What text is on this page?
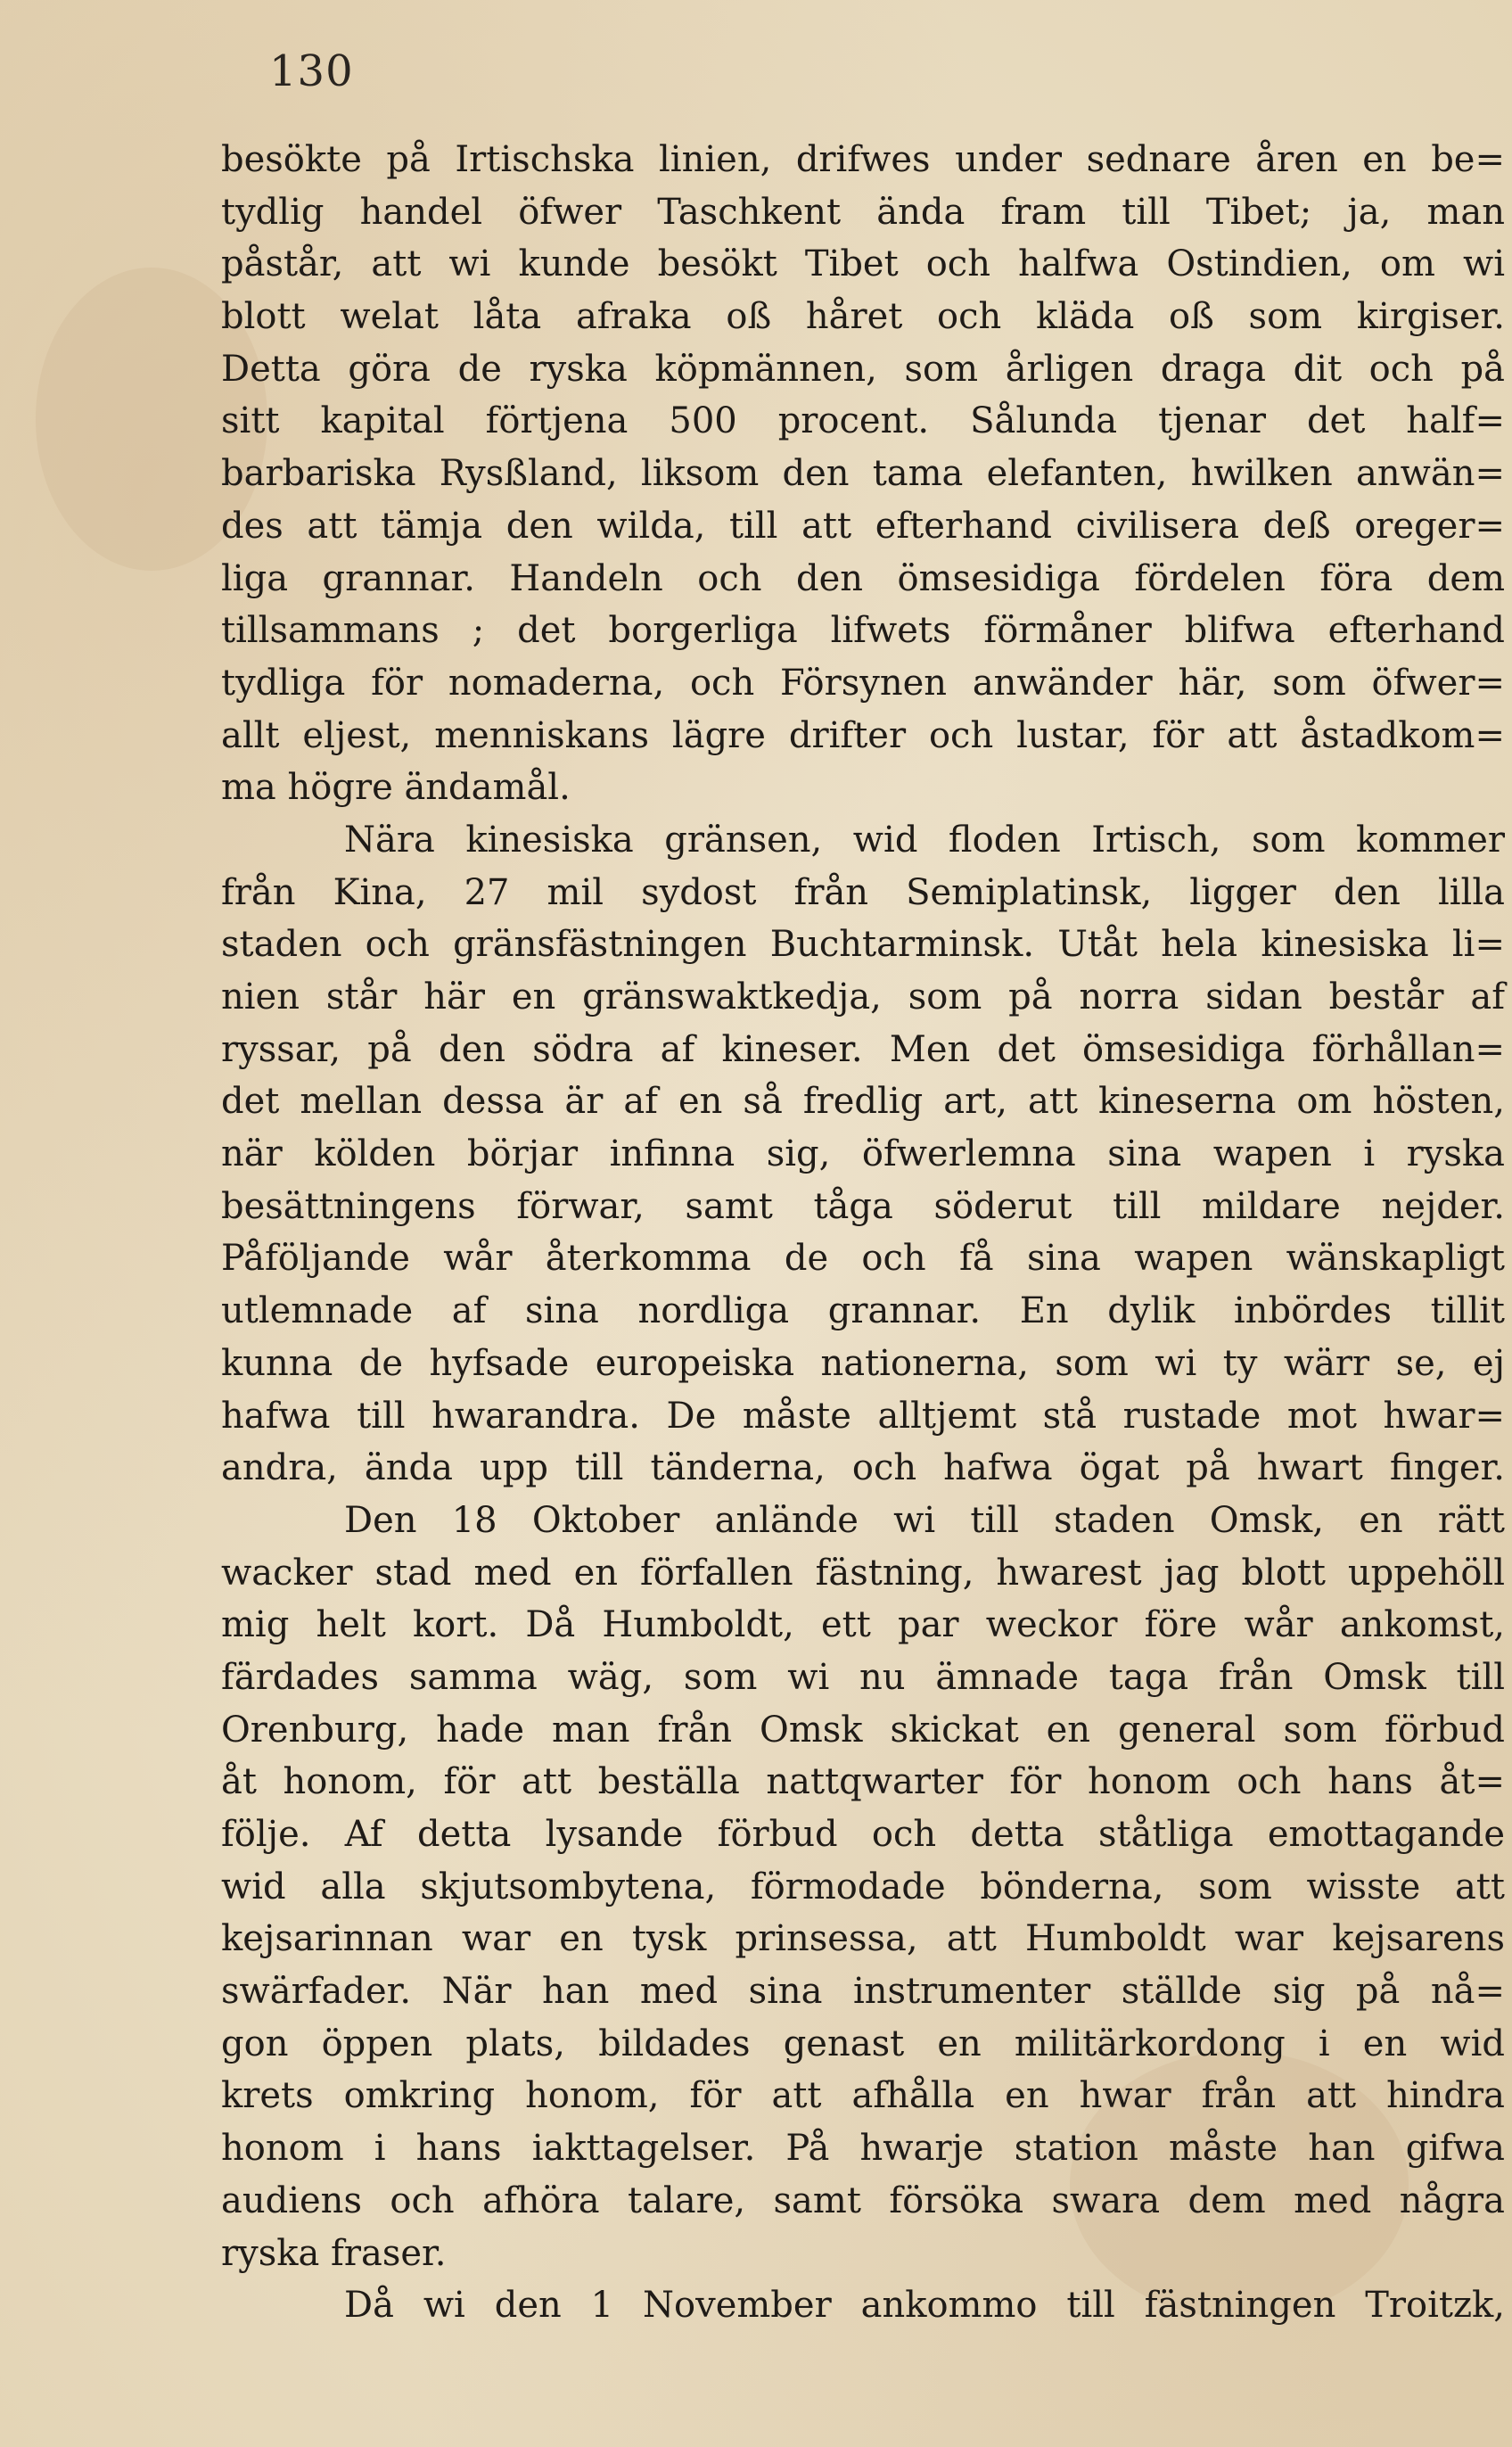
130
besökte på Irtischska linien, drifwes under sednare åren en be=
tydlig handel öfwer Taschkent ända fram till Tibet; ja, man
påstår, att wi kunde besökt Tibet och halfwa Ostindien, om wi
blott welat låta afraka oß håret och kläda oß som kirgiser.
Detta göra de ryska köpmännen, som årligen draga dit och på
sitt kapital förtjena 500 procent. Sålunda tjenar det half=
barbariska Rysßland, liksom den tama elefanten, hwilken anwän=
des att tämja den wilda, till att efterhand civilisera deß oreger=
liga grannar. Handeln och den ömsesidiga fördelen föra dem
tillsammans ; det borgerliga lifwets förmåner blifwa efterhand
tydliga för nomaderna, och Försynen anwänder här, som öfwer=
allt eljest, menniskans lägre drifter och lustar, för att åstadkom=
ma högre ändamål.
Nära kinesiska gränsen, wid floden Irtisch, som kommer
från Kina, 27 mil sydost från Semiplatinsk, ligger den lilla
staden och gränsfästningen Buchtarminsk. Utåt hela kinesiska li=
nien står här en gränswaktkedja, som på norra sidan består af
ryssar, på den södra af kineser. Men det ömsesidiga förhållan=
det mellan dessa är af en så fredlig art, att kineserna om hösten,
när kölden börjar infinna sig, öfwerlemna sina wapen i ryska
besättningens förwar, samt tåga söderut till mildare nejder.
Påföljande wår återkomma de och få sina wapen wänskapligt
utlemnade af sina nordliga grannar. En dylik inbördes tillit
kunna de hyfsade europeiska nationerna, som wi ty wärr se, ej
hafwa till hwarandra. De måste alltjemt stå rustade mot hwar=
andra, ända upp till tänderna, och hafwa ögat på hwart finger.
Den 18 Oktober anlände wi till staden Omsk, en rätt
wacker stad med en förfallen fästning, hwarest jag blott uppehöll
mig helt kort. Då Humboldt, ett par weckor före wår ankomst,
färdades samma wäg, som wi nu ämnade taga från Omsk till
Orenburg, hade man från Omsk skickat en general som förbud
åt honom, för att beställa nattqwarter för honom och hans åt=
följe. Af detta lysande förbud och detta ståtliga emottagande
wid alla skjutsombytena, förmodade bönderna, som wisste att
kejsarinnan war en tysk prinsessa, att Humboldt war kejsarens
swärfader. När han med sina instrumenter ställde sig på nå=
gon öppen plats, bildades genast en militärkordong i en wid
krets omkring honom, för att afhålla en hwar från att hindra
honom i hans iakttagelser. På hwarje station måste han gifwa
audiens och afhöra talare, samt försöka swara dem med några
ryska fraser.
Då wi den 1 November ankommo till fästningen Troitzk,
